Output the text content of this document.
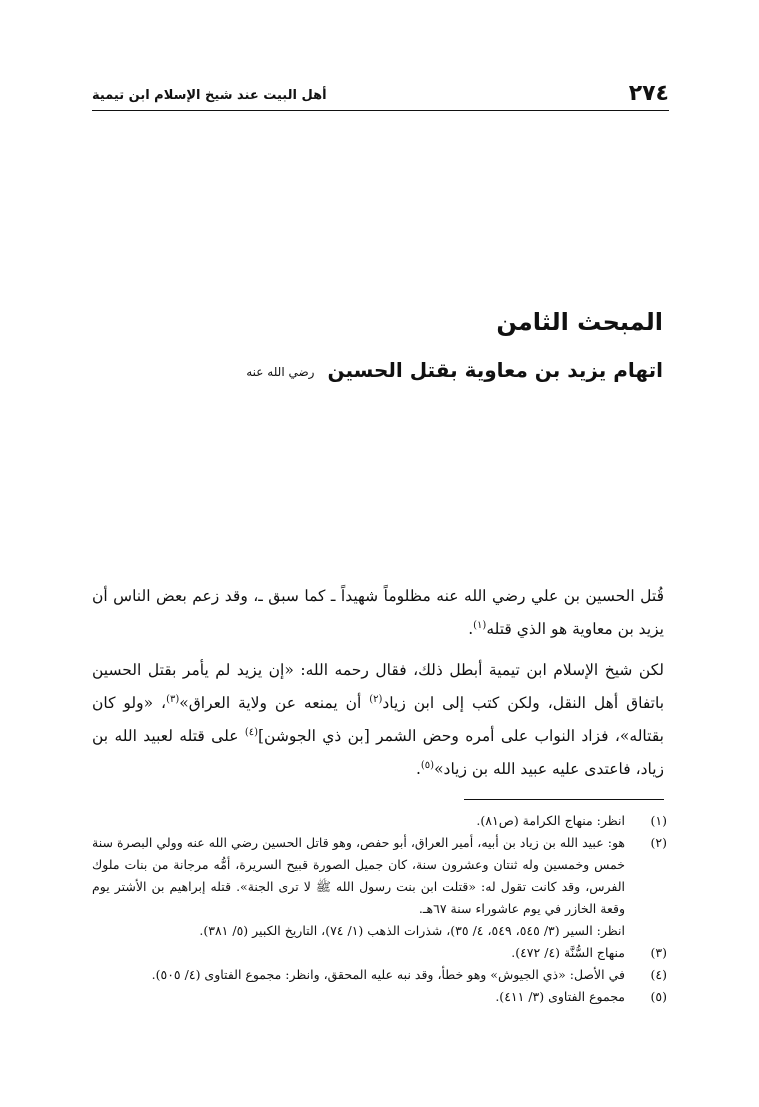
٢٧٤
أهل البيت عند شيخ الإسلام ابن تيمية
المبحث الثامن
اتهام يزيد بن معاوية بقتل الحسين رضي الله عنه

قُتل الحسين بن علي رضي الله عنه مظلوماً شهيداً ـ كما سبق ـ، وقد زعم بعض الناس أن يزيد بن معاوية هو الذي قتله$^{(١)}$.

لكن شيخ الإسلام ابن تيمية أبطل ذلك، فقال رحمه الله: «إن يزيد لم يأمر بقتل الحسين باتفاق أهل النقل، ولكن كتب إلى ابن زياد$^{(٢)}$ أن يمنعه عن ولاية العراق»$^{(٣)}$، «ولو كان بقتاله»، فزاد النواب على أمره وحض الشمر [بن ذي الجوشن]$^{(٤)}$ على قتله لعبيد الله بن زياد، فاعتدى عليه عبيد الله بن زياد»$^{(٥)}$.

(١)
انظر: منهاج الكرامة (ص٨١).
(٢)
هو: عبيد الله بن زياد بن أبيه، أمير العراق، أبو حفص، وهو قاتل الحسين رضي الله عنه وولي البصرة سنة خمس وخمسين وله ثنتان وعشرون سنة، كان جميل الصورة قبيح السريرة، أمُّه مرجانة من بنات ملوك الفرس، وقد كانت تقول له: «قتلت ابن بنت رسول الله ﷺ لا ترى الجنة». قتله إبراهيم بن الأشتر يوم وقعة الخازر في يوم عاشوراء سنة ٦٧هـ.
انظر: السير (٣/ ٥٤٥، ٥٤٩، ٤/ ٣٥)، شذرات الذهب (١/ ٧٤)، التاريخ الكبير (٥/ ٣٨١).
(٣)
منهاج السُّنَّة (٤/ ٤٧٢).
(٤)
في الأصل: «ذي الجيوش» وهو خطأ، وقد نبه عليه المحقق، وانظر: مجموع الفتاوى (٤/ ٥٠٥).
(٥)
مجموع الفتاوى (٣/ ٤١١).
